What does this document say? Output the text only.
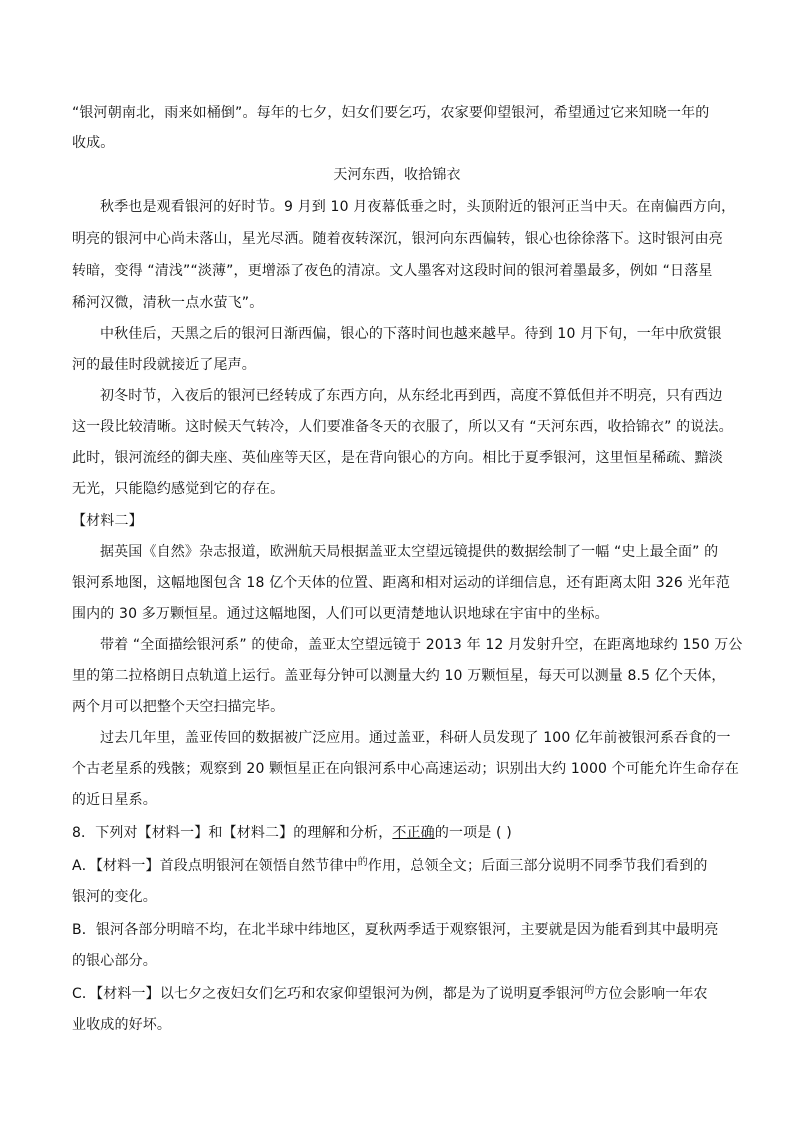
“银河朝南北，雨来如桶倒”。每年的七夕，妇女们要乞巧，农家要仰望银河，希望通过它来知晓一年的
收成。
天河东西，收拾锦衣
秋季也是观看银河的好时节。9 月到 10 月夜幕低垂之时，头顶附近的银河正当中天。在南偏西方向，
明亮的银河中心尚未落山，星光尽洒。随着夜转深沉，银河向东西偏转，银心也徐徐落下。这时银河由亮
转暗，变得 “清浅”“淡薄”，更增添了夜色的清凉。文人墨客对这段时间的银河着墨最多，例如 “日落星
稀河汉微，清秋一点水萤飞”。
中秋佳后，天黑之后的银河日渐西偏，银心的下落时间也越来越早。待到 10 月下旬，一年中欣赏银
河的最佳时段就接近了尾声。
初冬时节，入夜后的银河已经转成了东西方向，从东经北再到西，高度不算低但并不明亮，只有西边
这一段比较清晰。这时候天气转冷，人们要准备冬天的衣服了，所以又有 “天河东西，收拾锦衣” 的说法。
此时，银河流经的御夫座、英仙座等天区，是在背向银心的方向。相比于夏季银河，这里恒星稀疏、黯淡
无光，只能隐约感觉到它的存在。
【材料二】
据英国《自然》杂志报道，欧洲航天局根据盖亚太空望远镜提供的数据绘制了一幅 “史上最全面” 的
银河系地图，这幅地图包含 18 亿个天体的位置、距离和相对运动的详细信息，还有距离太阳 326 光年范
围内的 30 多万颗恒星。通过这幅地图，人们可以更清楚地认识地球在宇宙中的坐标。
带着 “全面描绘银河系” 的使命，盖亚太空望远镜于 2013 年 12 月发射升空，在距离地球约 150 万公
里的第二拉格朗日点轨道上运行。盖亚每分钟可以测量大约 10 万颗恒星，每天可以测量 8.5 亿个天体，
两个月可以把整个天空扫描完毕。
过去几年里，盖亚传回的数据被广泛应用。通过盖亚，科研人员发现了 100 亿年前被银河系吞食的一
个古老星系的残骸；观察到 20 颗恒星正在向银河系中心高速运动；识别出大约 1000 个可能允许生命存在
的近日星系。
8．下列对【材料一】和【材料二】的理解和分析，不正确的一项是 ( )
A．【材料一】首段点明银河在领悟自然节律中$^的$作用，总领全文；后面三部分说明不同季节我们看到的
银河的变化。
B．银河各部分明暗不均，在北半球中纬地区，夏秋两季适于观察银河，主要就是因为能看到其中最明亮
的银心部分。
C．【材料一】以七夕之夜妇女们乞巧和农家仰望银河为例，都是为了说明夏季银河$^的$方位会影响一年农
业收成的好坏。
